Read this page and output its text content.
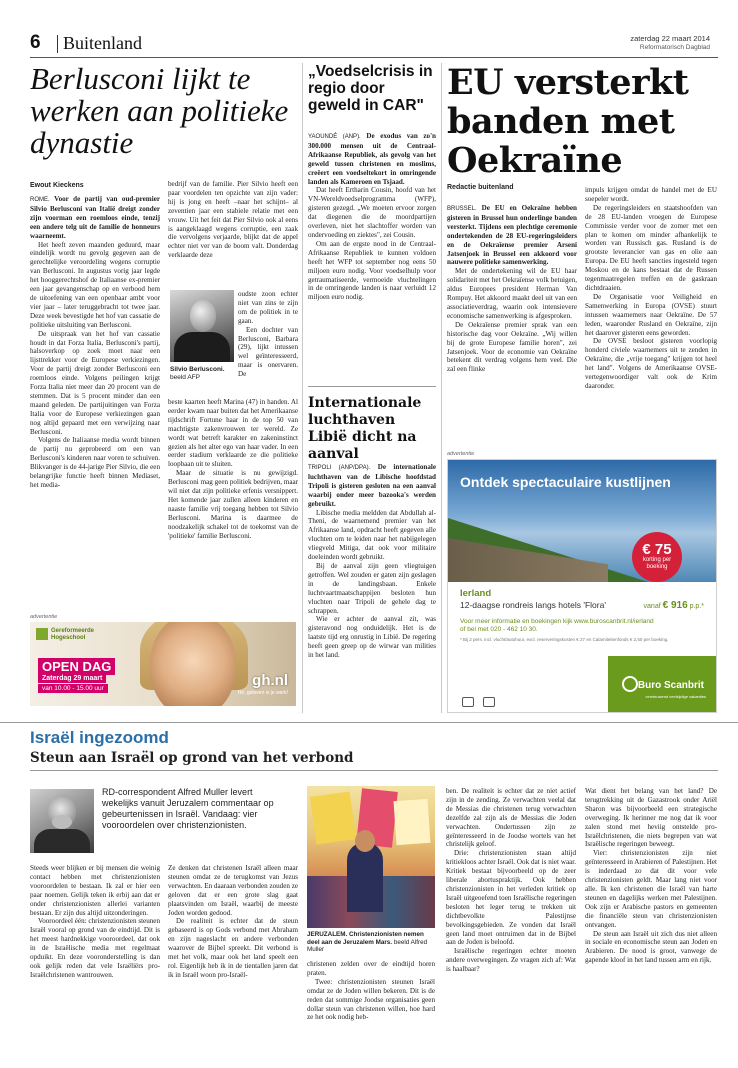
6 Buitenland	zaterdag 22 maart 2014
Reformatorisch Dagblad
Berlusconi lijkt te werken aan politieke dynastie
Ewout Kieckens

ROME. Voor de partij van oud-premier Silvio Berlusconi van Italië dreigt zonder zijn voorman een roemloos einde, tenzij een andere telg uit de familie de honneurs waarneemt.

Het heeft zeven maanden geduurd, maar eindelijk wordt nu gevolg gegeven aan de gerechtelijke veroordeling wegens corruptie van Berlusconi. In augustus vorig jaar legde het hooggerechtshof de Italiaanse ex-premier een jaar gevangenschap op en verbood hem de uitoefening van een openbaar ambt voor vier jaar – later teruggebracht tot twee jaar. Deze week bevestigde het hof van cassatie de politieke uitsluiting van Berlusconi.

De uitspraak van het hof van cassatie houdt in dat Forza Italia, Berlusconi's partij, halsoverkop op zoek moet naar een lijsttrekker voor de Europese verkiezingen. Voor de partij dreigt zonder Berlusconi een roemloos einde. Volgens peilingen krijgt Forza Italia niet meer dan 20 procent van de stemmen. Dat is 5 procent minder dan een maand geleden. De partijuitingen van Forza Italia voor de Europese verkiezingen gaan nog altijd gepaard met een verwijzing naar Berlusconi.

Volgens de Italiaanse media wordt binnen de partij nu geprobeerd om een van Berlusconi's kinderen naar voren te schuiven. Blikvanger is de 44-jarige Pier Silvio, die een belangrijke functie heeft binnen Mediaset, het media-

bedrijf van de familie. Pier Silvio heeft een paar voordelen ten opzichte van zijn vader: hij is jong en heeft –naar het schijnt– al zeventien jaar een stabiele relatie met een vrouw. Uit het feit dat Pier Silvio ook al eens is aangeklaagd wegens corruptie, een zaak die vervolgens verjaarde, blijkt dat de appel echter niet ver van de boom valt. Donderdag verklaarde deze
Silvio Berlusconi. beeld AFP

oudste zoon echter niet van zins te zijn om de politiek in te gaan.

Een dochter van Berlusconi, Barbara (29), lijkt intussen wel geïnteresseerd, maar is onervaren. De

beste kaarten heeft Marina (47) in handen. Al eerder kwam naar buiten dat het Amerikaanse tijdschrift Fortune haar in de top 50 van machtigste zakenvrouwen ter wereld. Ze wordt wat betreft karakter en zakeninstinct gezien als het alter ego van haar vader. In een eerder stadium verklaarde ze die politieke loopbaan uit te sluiten.

Maar de situatie is nu gewijzigd. Berlusconi mag geen politiek bedrijven, maar wil niet dat zijn politieke erfenis versnippert. Het komende jaar zullen alleen kinderen en naaste familie vrij toegang hebben tot Silvio Berlusconi. Marina is daarmee de noodzakelijk schakel tot de toekomst van de 'politieke' familie Berlusconi.

advertentie
Gereformeerde
Hogeschool
OPEN DAG
Zaterdag 29 maart
van 10.00 - 15.00 uur	gh.nl
Hé, geloven is je werk!
„Voedselcrisis in regio door geweld in CAR"

YAOUNDÉ (ANP). De exodus van zo'n 300.000 mensen uit de Centraal-Afrikaanse Republiek, als gevolg van het geweld tussen christenen en moslims, creëert een voedseltekort in omringende landen als Kameroen en Tsjaad.

Dat heeft Ertharin Cousin, hoofd van het VN-Wereldvoedselprogramma (WFP), gisteren gezegd. „We moeten ervoor zorgen dat diegenen die de moordpartijen overleven, niet het slachtoffer worden van ondervoeding en ziektes", zei Cousin.

Om aan de ergste nood in de Centraal-Afrikaanse Republiek te kunnen voldoen heeft het WFP tot september nog eens 50 miljoen euro nodig. Voor voedselhulp voor getraumatiseerde, vermoeide vluchtelingen in de omringende landen is naar verluidt 12 miljoen euro nodig.

Internationale luchthaven Libië dicht na aanval

TRIPOLI (ANP/DPA). De internationale luchthaven van de Libische hoofdstad Tripoli is gisteren gesloten na een aanval waarbij onder meer bazooka's werden gebruikt.

Libische media meldden dat Abdullah al-Theni, de waarnemend premier van het Afrikaanse land, opdracht heeft gegeven alle vluchten om te leiden naar het nabijgelegen vliegveld Mitiga, dat ook voor militaire doeleinden wordt gebruikt.

Bij de aanval zijn geen vliegtuigen getroffen. Wel zouden er gaten zijn geslagen in de landingsbaan. Enkele luchtvaartmaatschappijen besloten hun vluchten naar Tripoli de gehele dag te schrappen.

Wie er achter de aanval zit, was gisteravond nog onduidelijk. Het is de laatste tijd erg onrustig in Libië. De regering heeft geen greep op de wirwar van milities in het land.

EU versterkt banden met Oekraïne
Redactie buitenland

BRUSSEL. De EU en Oekraïne hebben gisteren in Brussel hun onderlinge banden versterkt. Tijdens een plechtige ceremonie ondertekenden de 28 EU-regeringsleiders en de Oekraïense premier Arseni Jatsenjoek in Brussel een akkoord voor nauwere politieke samenwerking.

Met de ondertekening wil de EU haar solidariteit met het Oekraïense volk betuigen, aldus Europees president Herman Van Rompuy. Het akkoord maakt deel uit van een associatieverdrag, waarin ook intensievere economische samenwerking is afgesproken.

De Oekraïense premier sprak van een historische dag voor Oekraïne. „Wij willen bij de grote Europese familie horen", zei Jatsenjoek. Voor de economie van Oekraïne betekent dit verdrag volgens hem veel. Die zal een flinke

impuls krijgen omdat de handel met de EU soepeler wordt.

De regeringsleiders en staatshoofden van de 28 EU-landen vroegen de Europese Commissie verder voor de zomer met een plan te komen om minder afhankelijk te worden van Russisch gas. Rusland is de grootste leverancier van gas en olie aan Europa. De EU heeft sancties ingesteld tegen Moskou en de kans bestaat dat de Russen tegenmaatregelen treffen en de gaskraan dichtdraaien.

De Organisatie voor Veiligheid en Samenwerking in Europa (OVSE) stuurt intussen waarnemers naar Oekraïne. De 57 leden, waaronder Rusland en Oekraïne, zijn het daarover gisteren eens geworden.

De OVSE besloot gisteren voorlopig honderd civiele waarnemers uit te zenden in Oekraïne, die „vrije toegang" krijgen tot heel het land". Volgens de Amerikaanse OVSE-vertegenwoordiger valt ook de Krim daaronder.

advertentie
Ontdek spectaculaire kustlijnen
€ 75
korting per
boeking
Ierland
12-daagse rondreis langs hotels 'Flora'	vanaf € 916 p.p.*
Voor meer informatie en boekingen kijk www.buroscanbrit.nl/ierland
of bel met 020 - 462 10 30.
* Bij 2 pers. incl. vlucht/autohuur, excl. reserveringskosten € 27 en Calamiteitenfonds € 2,50 per boeking.

Buro Scanbrit
vernieuwend veelzijdige vakanties
Israël ingezoomd
Steun aan Israël op grond van het verbond
RD-correspondent Alfred Muller levert wekelijks vanuit Jeruzalem commentaar op gebeurtenissen in Israël. Vandaag: vier vooroordelen over christenzionisten.

Steeds weer blijken er bij mensen die weinig contact hebben met christenzionisten vooroordelen te bestaan. Ik zal er hier een paar noemen. Gelijk teken ik erbij aan dat er onder christenzionisten allerlei varianten bestaan. Er zijn dus altijd uitzonderingen.

Vooroordeel één: christenzionisten steunen Israël vooral op grond van de eindtijd. Dit is het meest hardnekkige vooroordeel, dat ook in de Israëlische media met regelmaat opduikt. En deze vooronderstelling is dan ook gelijk reden dat vele Israëliërs pro-Israëlchristenen wantrouwen.

Ze denken dat christenen Israël alleen maar steunen omdat ze de terugkomst van Jezus verwachten. En daaraan verbonden zouden ze geloven dat er een grote slag gaat plaatsvinden om Israël, waarbij de meeste Joden worden gedood.

De realiteit is echter dat de steun gebaseerd is op Gods verbond met Abraham en zijn nageslacht en andere verbonden waarover de Bijbel spreekt. Dit verbond is met het volk, maar ook het land speelt een rol. Eigenlijk heb ik in de tientallen jaren dat ik in Israël woon pro-Israël-

JERUZALEM. Christenzionisten nemen deel aan de Jeruzalem Mars. beeld Alfred Muller

christenen zelden over de eindtijd horen praten.

Twee: christenzionisten steunen Israël omdat ze de Joden willen bekeren. Dit is de reden dat sommige Joodse organisaties geen dollar steun van christenen willen, hoe hard ze het ook nodig heb-

ben. De realiteit is echter dat ze niet actief zijn in de zending. Ze verwachten veelal dat de Messias die christenen terug verwachten dezelfde zal zijn als de Messias die Joden verwachten. Ondertussen zijn ze geïnteresseerd in de Joodse wortels van het christelijk geloof.

Drie: christenzionisten staan altijd kritiekloos achter Israël. Ook dat is niet waar. Kritiek bestaat bijvoorbeeld op de zeer liberale abortuspraktijk. Ook hebben christenzionisten in het verleden kritiek op Israël uitgeoefend toen Israëlische regeringen besloten het leger terug te trekken uit dichtbevolkte Palestijnse bevolkingsgebieden. Ze vonden dat Israël geen land moet ontruimen dat in de Bijbel aan de Joden is beloofd.

Israëlische regeringen echter moeten andere overwegingen. Ze vragen zich af: Wat is haalbaar?

Wat dient het belang van het land? De terugtrekking uit de Gazastrook onder Ariël Sharon was bijvoorbeeld een strategische overweging. Ik herinner me nog dat ik voor zalen stond met heviig ontstelde pro-Israëlchristenen, die niets begrepen van wat Israëlische regeringen beweegt.

Vier: christenzionisten zijn niet geïnteresseerd in Arabieren of Palestijnen. Het is inderdaad zo dat dit voor vele christenzionisten geldt. Maar lang niet voor alle. Ik ken christenen die Israël van harte steunen en dagelijks werken met Palestijnen. Ook zijn er Arabische pastors en gemeenten die financiële steun van christenzionisten ontvangen.

De steun aan Israël uit zich dus niet alleen in sociale en economische steun aan Joden en Arabieren. De nood is groot, vanwege de gapende kloof in het land tussen arm en rijk.
